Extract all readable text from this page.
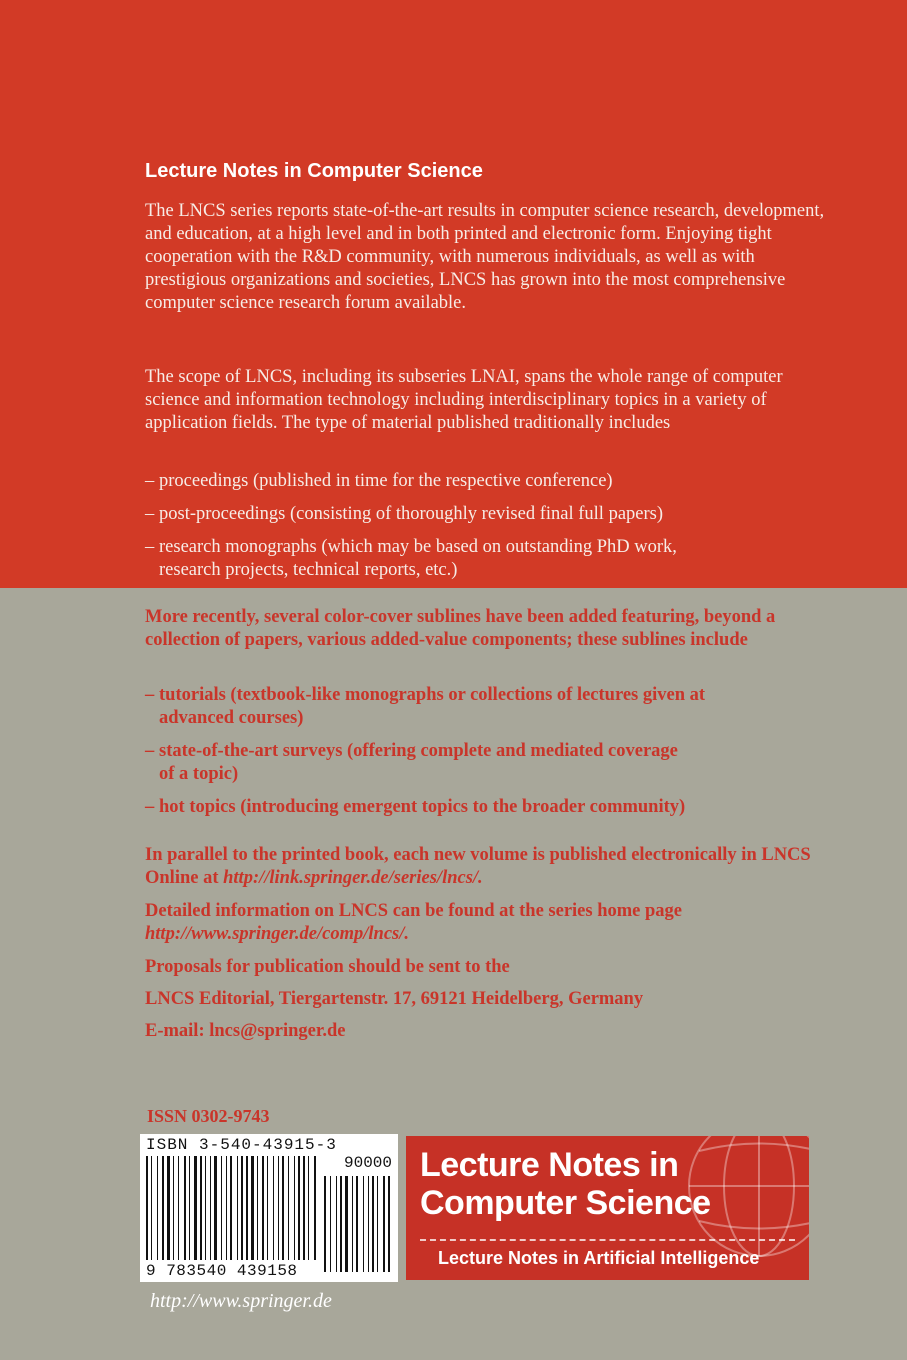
Lecture Notes in Computer Science
The LNCS series reports state-of-the-art results in computer science research, development, and education, at a high level and in both printed and electronic form. Enjoying tight cooperation with the R&D community, with numerous individuals, as well as with prestigious organizations and societies, LNCS has grown into the most comprehensive computer science research forum available.
The scope of LNCS, including its subseries LNAI, spans the whole range of computer science and information technology including interdisciplinary topics in a variety of application fields. The type of material published traditionally includes
– proceedings (published in time for the respective conference)
– post-proceedings (consisting of thoroughly revised final full papers)
– research monographs (which may be based on outstanding PhD work,
research projects, technical reports, etc.)
More recently, several color-cover sublines have been added featuring, beyond a collection of papers, various added-value components; these sublines include
– tutorials (textbook-like monographs or collections of lectures given at
advanced courses)
– state-of-the-art surveys (offering complete and mediated coverage
of a topic)
– hot topics (introducing emergent topics to the broader community)
In parallel to the printed book, each new volume is published electronically in LNCS Online at http://link.springer.de/series/lncs/.
Detailed information on LNCS can be found at the series home page
http://www.springer.de/comp/lncs/.
Proposals for publication should be sent to the
LNCS Editorial, Tiergartenstr. 17, 69121 Heidelberg, Germany
E-mail: lncs@springer.de
ISSN 0302-9743
ISBN 3-540-43915-3
90000
9 783540 439158
Lecture Notes in
Computer Science
Lecture Notes in Artificial Intelligence
http://www.springer.de
